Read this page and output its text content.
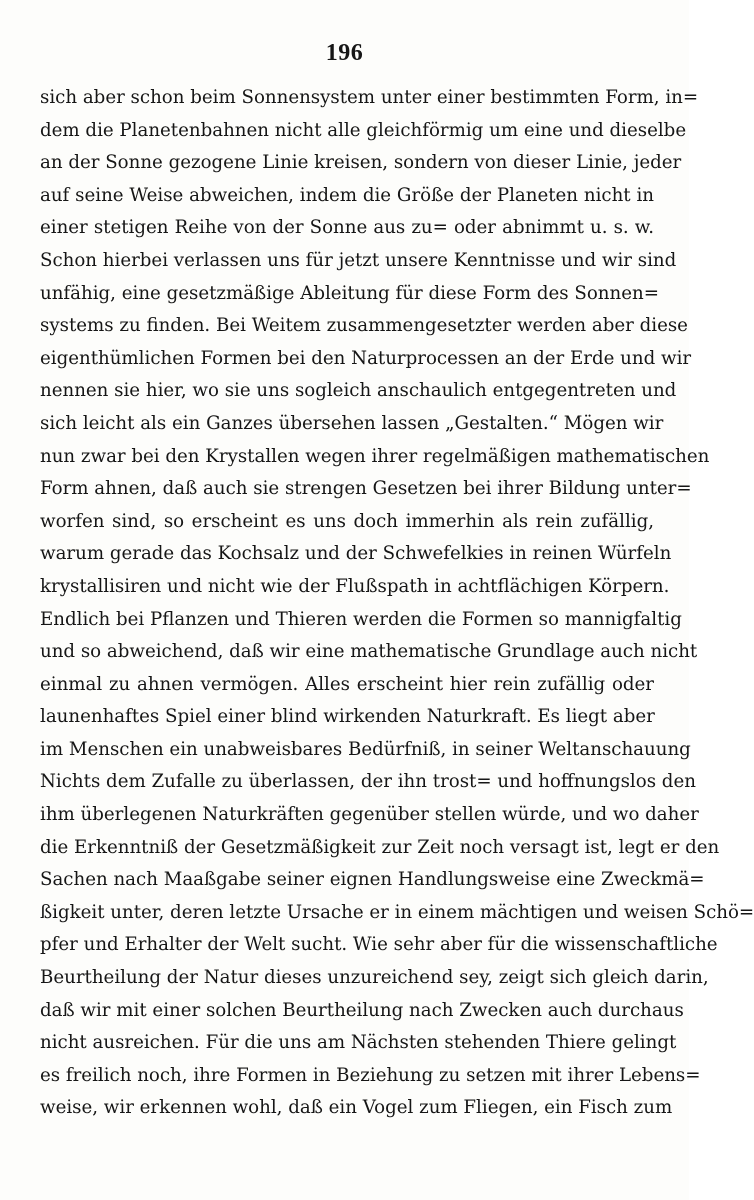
196
sich aber schon beim Sonnensystem unter einer bestimmten Form, in=
dem die Planetenbahnen nicht alle gleichförmig um eine und dieselbe
an der Sonne gezogene Linie kreisen, sondern von dieser Linie, jeder
auf seine Weise abweichen, indem die Größe der Planeten nicht in
einer stetigen Reihe von der Sonne aus zu= oder abnimmt u. s. w.
Schon hierbei verlassen uns für jetzt unsere Kenntnisse und wir sind
unfähig, eine gesetzmäßige Ableitung für diese Form des Sonnen=
systems zu finden. Bei Weitem zusammengesetzter werden aber diese
eigenthümlichen Formen bei den Naturprocessen an der Erde und wir
nennen sie hier, wo sie uns sogleich anschaulich entgegentreten und
sich leicht als ein Ganzes übersehen lassen „Gestalten.“ Mögen wir
nun zwar bei den Krystallen wegen ihrer regelmäßigen mathematischen
Form ahnen, daß auch sie strengen Gesetzen bei ihrer Bildung unter=
worfen sind, so erscheint es uns doch immerhin als rein zufällig,
warum gerade das Kochsalz und der Schwefelkies in reinen Würfeln
krystallisiren und nicht wie der Flußspath in achtflächigen Körpern.
Endlich bei Pflanzen und Thieren werden die Formen so mannigfaltig
und so abweichend, daß wir eine mathematische Grundlage auch nicht
einmal zu ahnen vermögen. Alles erscheint hier rein zufällig oder
launenhaftes Spiel einer blind wirkenden Naturkraft. Es liegt aber
im Menschen ein unabweisbares Bedürfniß, in seiner Weltanschauung
Nichts dem Zufalle zu überlassen, der ihn trost= und hoffnungslos den
ihm überlegenen Naturkräften gegenüber stellen würde, und wo daher
die Erkenntniß der Gesetzmäßigkeit zur Zeit noch versagt ist, legt er den
Sachen nach Maaßgabe seiner eignen Handlungsweise eine Zweckmä=
ßigkeit unter, deren letzte Ursache er in einem mächtigen und weisen Schö=
pfer und Erhalter der Welt sucht. Wie sehr aber für die wissenschaftliche
Beurtheilung der Natur dieses unzureichend sey, zeigt sich gleich darin,
daß wir mit einer solchen Beurtheilung nach Zwecken auch durchaus
nicht ausreichen. Für die uns am Nächsten stehenden Thiere gelingt
es freilich noch, ihre Formen in Beziehung zu setzen mit ihrer Lebens=
weise, wir erkennen wohl, daß ein Vogel zum Fliegen, ein Fisch zum
